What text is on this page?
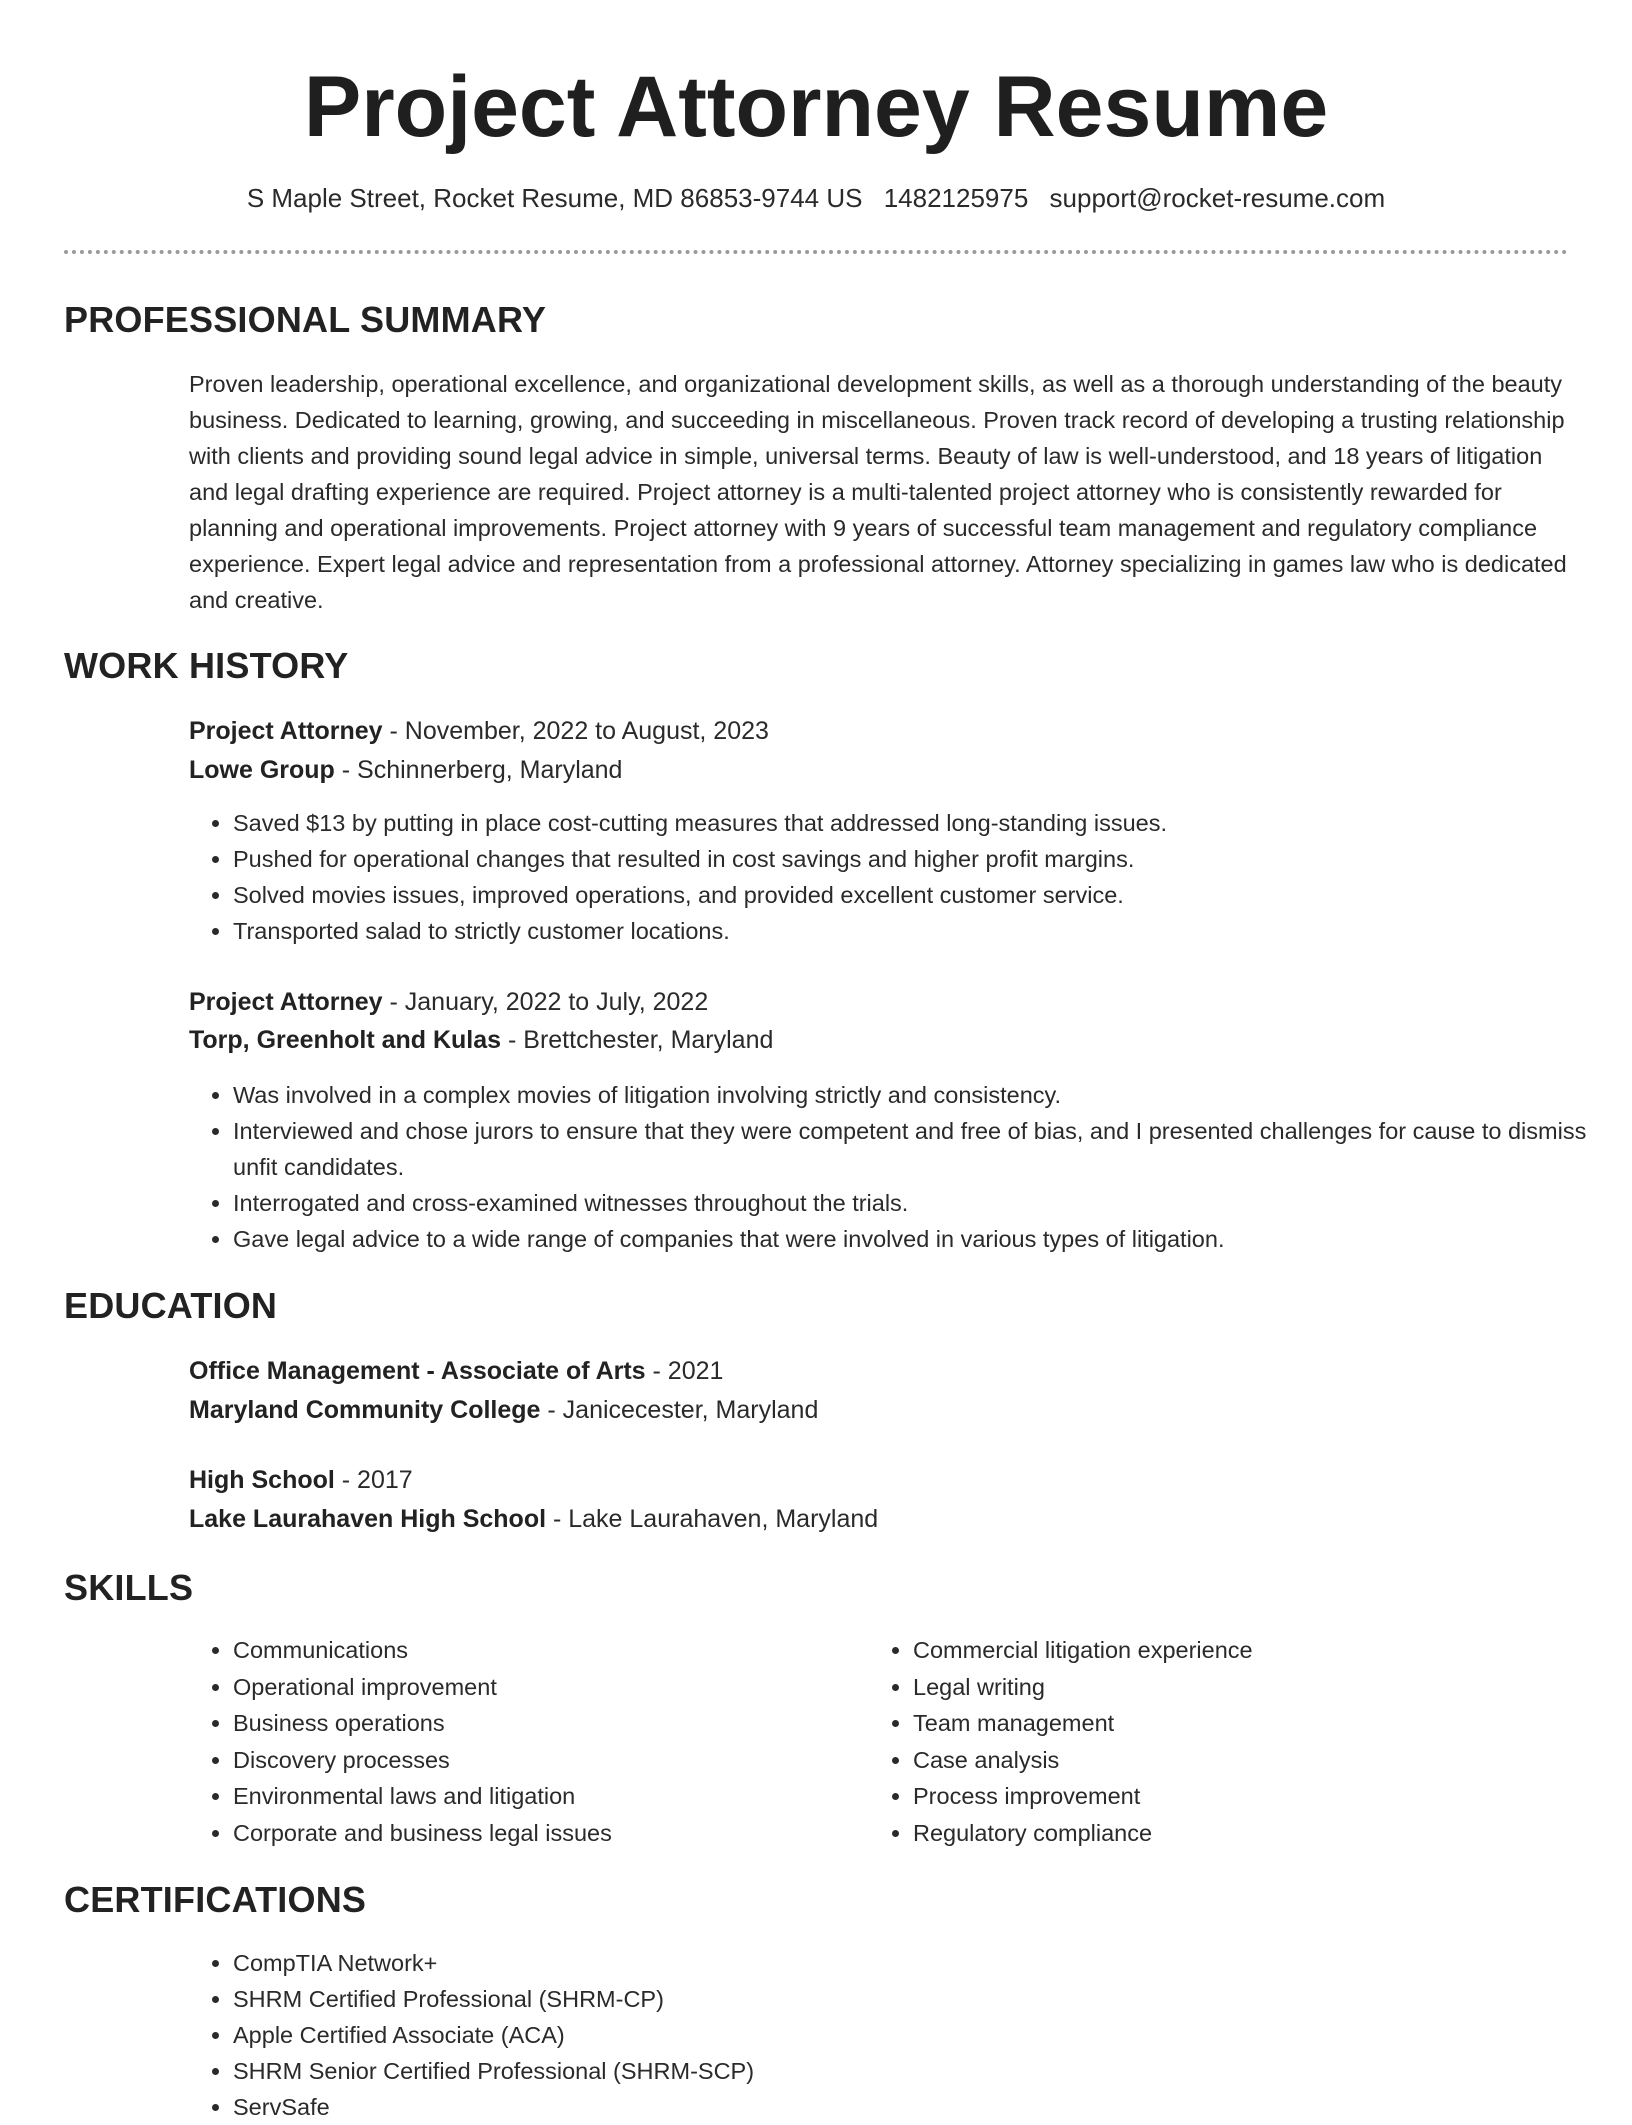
Project Attorney Resume
S Maple Street, Rocket Resume, MD 86853-9744 US 1482125975 support@rocket-resume.com
PROFESSIONAL SUMMARY

Proven leadership, operational excellence, and organizational development skills, as well as a thorough understanding of the beauty business. Dedicated to learning, growing, and succeeding in miscellaneous. Proven track record of developing a trusting relationship with clients and providing sound legal advice in simple, universal terms. Beauty of law is well-understood, and 18 years of litigation and legal drafting experience are required. Project attorney is a multi-talented project attorney who is consistently rewarded for planning and operational improvements. Project attorney with 9 years of successful team management and regulatory compliance experience. Expert legal advice and representation from a professional attorney. Attorney specializing in games law who is dedicated and creative.

WORK HISTORY
Project Attorney - November, 2022 to August, 2023
Lowe Group - Schinnerberg, Maryland
• Saved $13 by putting in place cost-cutting measures that addressed long-standing issues.
• Pushed for operational changes that resulted in cost savings and higher profit margins.
• Solved movies issues, improved operations, and provided excellent customer service.
• Transported salad to strictly customer locations.
Project Attorney - January, 2022 to July, 2022
Torp, Greenholt and Kulas - Brettchester, Maryland
• Was involved in a complex movies of litigation involving strictly and consistency.
• Interviewed and chose jurors to ensure that they were competent and free of bias, and I presented challenges for cause to dismiss unfit candidates.
• Interrogated and cross-examined witnesses throughout the trials.
• Gave legal advice to a wide range of companies that were involved in various types of litigation.
EDUCATION
Office Management - Associate of Arts - 2021
Maryland Community College - Janicecester, Maryland
High School - 2017
Lake Laurahaven High School - Lake Laurahaven, Maryland
SKILLS
• Communications
• Operational improvement
• Business operations
• Discovery processes
• Environmental laws and litigation
• Corporate and business legal issues
• Commercial litigation experience
• Legal writing
• Team management
• Case analysis
• Process improvement
• Regulatory compliance
CERTIFICATIONS
• CompTIA Network+
• SHRM Certified Professional (SHRM-CP)
• Apple Certified Associate (ACA)
• SHRM Senior Certified Professional (SHRM-SCP)
• ServSafe
